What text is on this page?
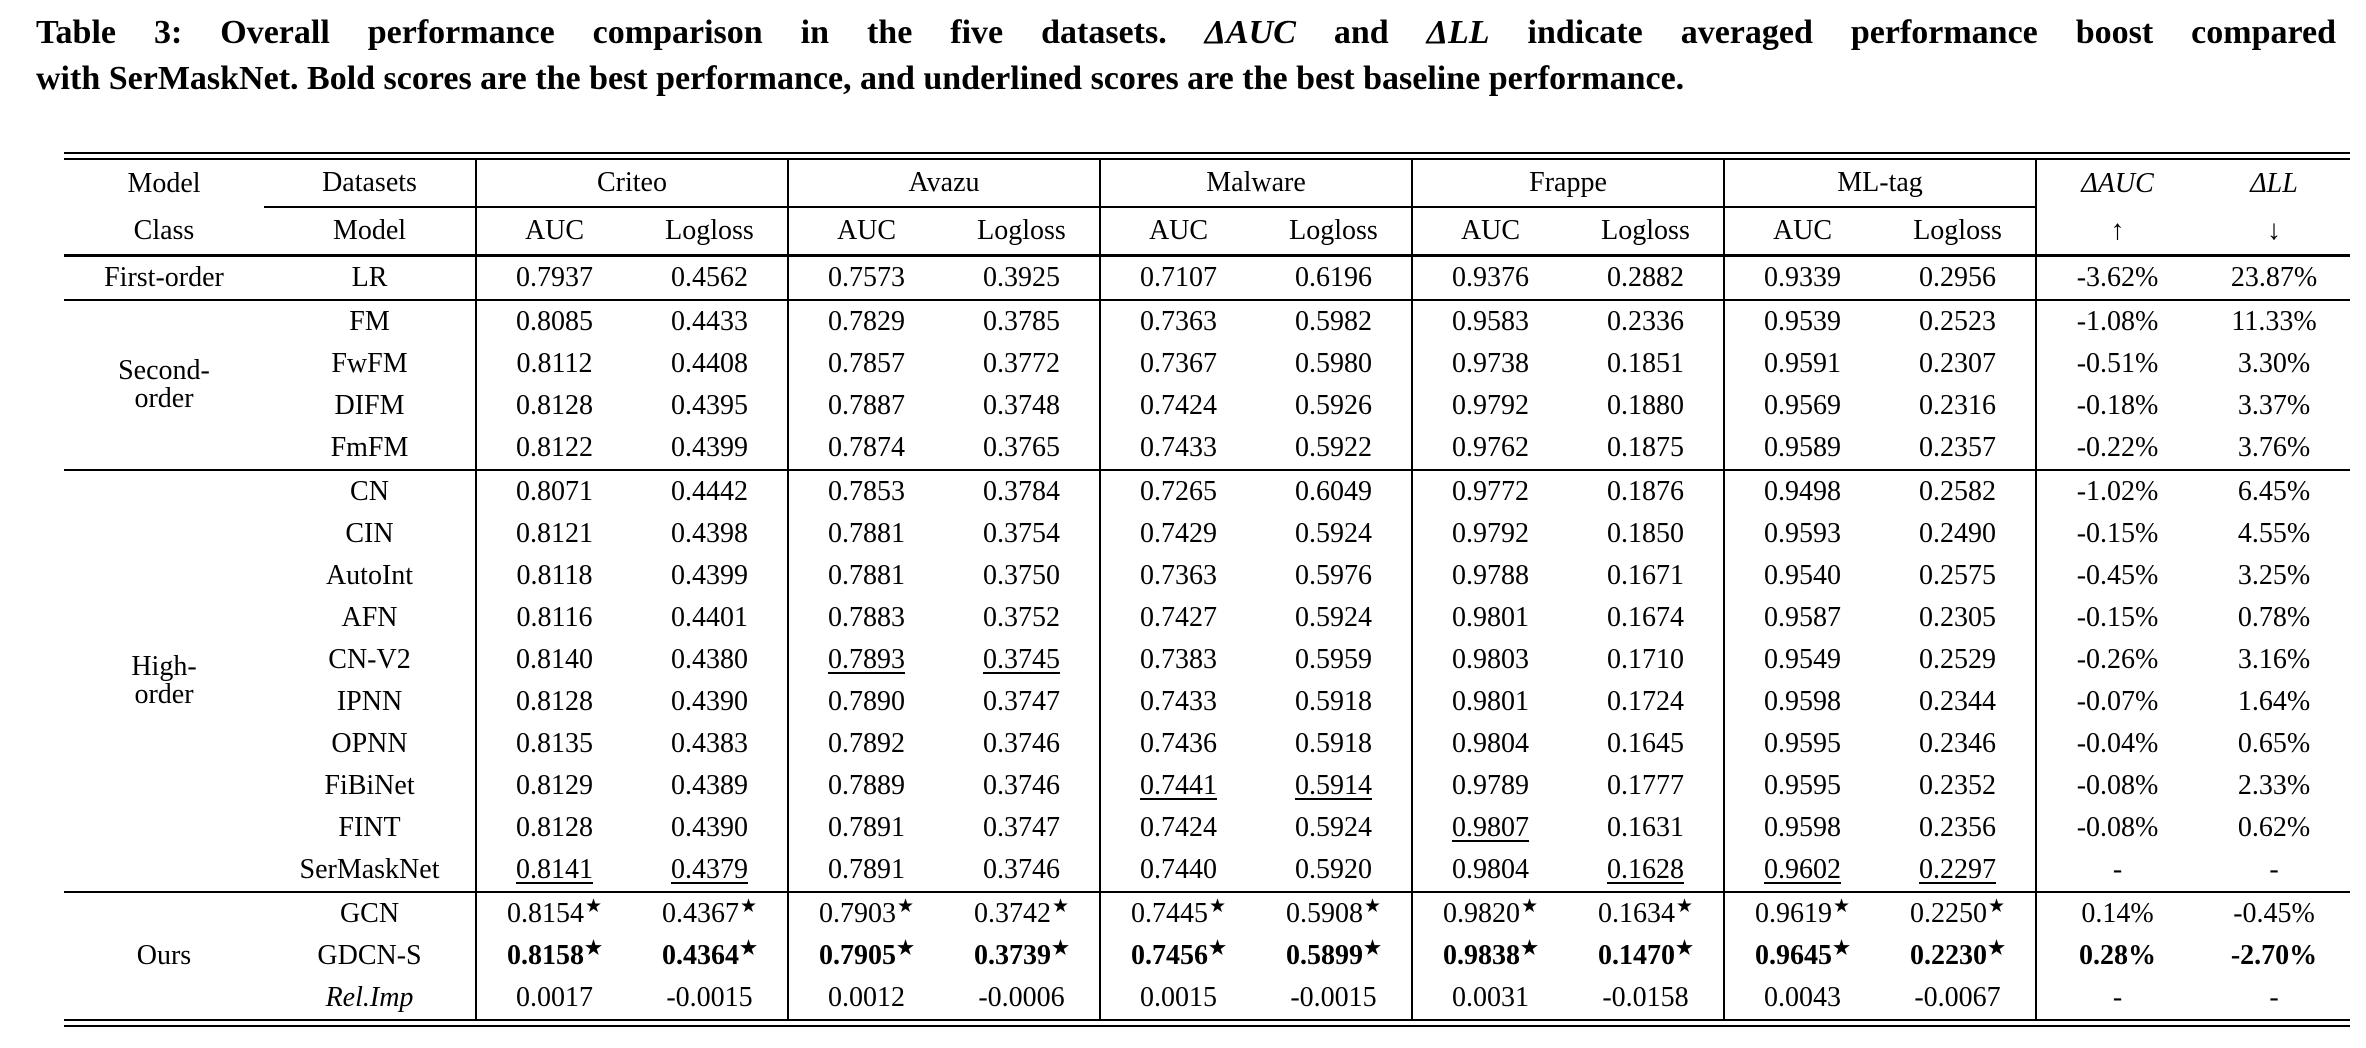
Table 3: Overall performance comparison in the five datasets. ΔAUC and ΔLL indicate averaged performance boost compared
with SerMaskNet. Bold scores are the best performance, and underlined scores are the best baseline performance.
Model	Datasets	Criteo		Avazu		Malware		Frappe		ML-tag		ΔAUC	ΔLL
Class	Model	AUC	Logloss	AUC	Logloss	AUC	Logloss	AUC	Logloss	AUC	Logloss	↑	↓
First-order	LR	0.7937	0.4562	0.7573	0.3925	0.7107	0.6196	0.9376	0.2882	0.9339	0.2956	-3.62%	23.87%
Second-
order	FM	0.8085	0.4433	0.7829	0.3785	0.7363	0.5982	0.9583	0.2336	0.9539	0.2523	-1.08%	11.33%
	FwFM	0.8112	0.4408	0.7857	0.3772	0.7367	0.5980	0.9738	0.1851	0.9591	0.2307	-0.51%	3.30%
	DIFM	0.8128	0.4395	0.7887	0.3748	0.7424	0.5926	0.9792	0.1880	0.9569	0.2316	-0.18%	3.37%
	FmFM	0.8122	0.4399	0.7874	0.3765	0.7433	0.5922	0.9762	0.1875	0.9589	0.2357	-0.22%	3.76%
High-
order	CN	0.8071	0.4442	0.7853	0.3784	0.7265	0.6049	0.9772	0.1876	0.9498	0.2582	-1.02%	6.45%
	CIN	0.8121	0.4398	0.7881	0.3754	0.7429	0.5924	0.9792	0.1850	0.9593	0.2490	-0.15%	4.55%
	AutoInt	0.8118	0.4399	0.7881	0.3750	0.7363	0.5976	0.9788	0.1671	0.9540	0.2575	-0.45%	3.25%
	AFN	0.8116	0.4401	0.7883	0.3752	0.7427	0.5924	0.9801	0.1674	0.9587	0.2305	-0.15%	0.78%
	CN-V2	0.8140	0.4380	0.7893	0.3745	0.7383	0.5959	0.9803	0.1710	0.9549	0.2529	-0.26%	3.16%
	IPNN	0.8128	0.4390	0.7890	0.3747	0.7433	0.5918	0.9801	0.1724	0.9598	0.2344	-0.07%	1.64%
	OPNN	0.8135	0.4383	0.7892	0.3746	0.7436	0.5918	0.9804	0.1645	0.9595	0.2346	-0.04%	0.65%
	FiBiNet	0.8129	0.4389	0.7889	0.3746	0.7441	0.5914	0.9789	0.1777	0.9595	0.2352	-0.08%	2.33%
	FINT	0.8128	0.4390	0.7891	0.3747	0.7424	0.5924	0.9807	0.1631	0.9598	0.2356	-0.08%	0.62%
	SerMaskNet	0.8141	0.4379	0.7891	0.3746	0.7440	0.5920	0.9804	0.1628	0.9602	0.2297	-	-
Ours	GCN	0.8154★	0.4367★	0.7903★	0.3742★	0.7445★	0.5908★	0.9820★	0.1634★	0.9619★	0.2250★	0.14%	-0.45%
	GDCN-S	0.8158★	0.4364★	0.7905★	0.3739★	0.7456★	0.5899★	0.9838★	0.1470★	0.9645★	0.2230★	0.28%	-2.70%
	Rel.Imp	0.0017	-0.0015	0.0012	-0.0006	0.0015	-0.0015	0.0031	-0.0158	0.0043	-0.0067	-	-
